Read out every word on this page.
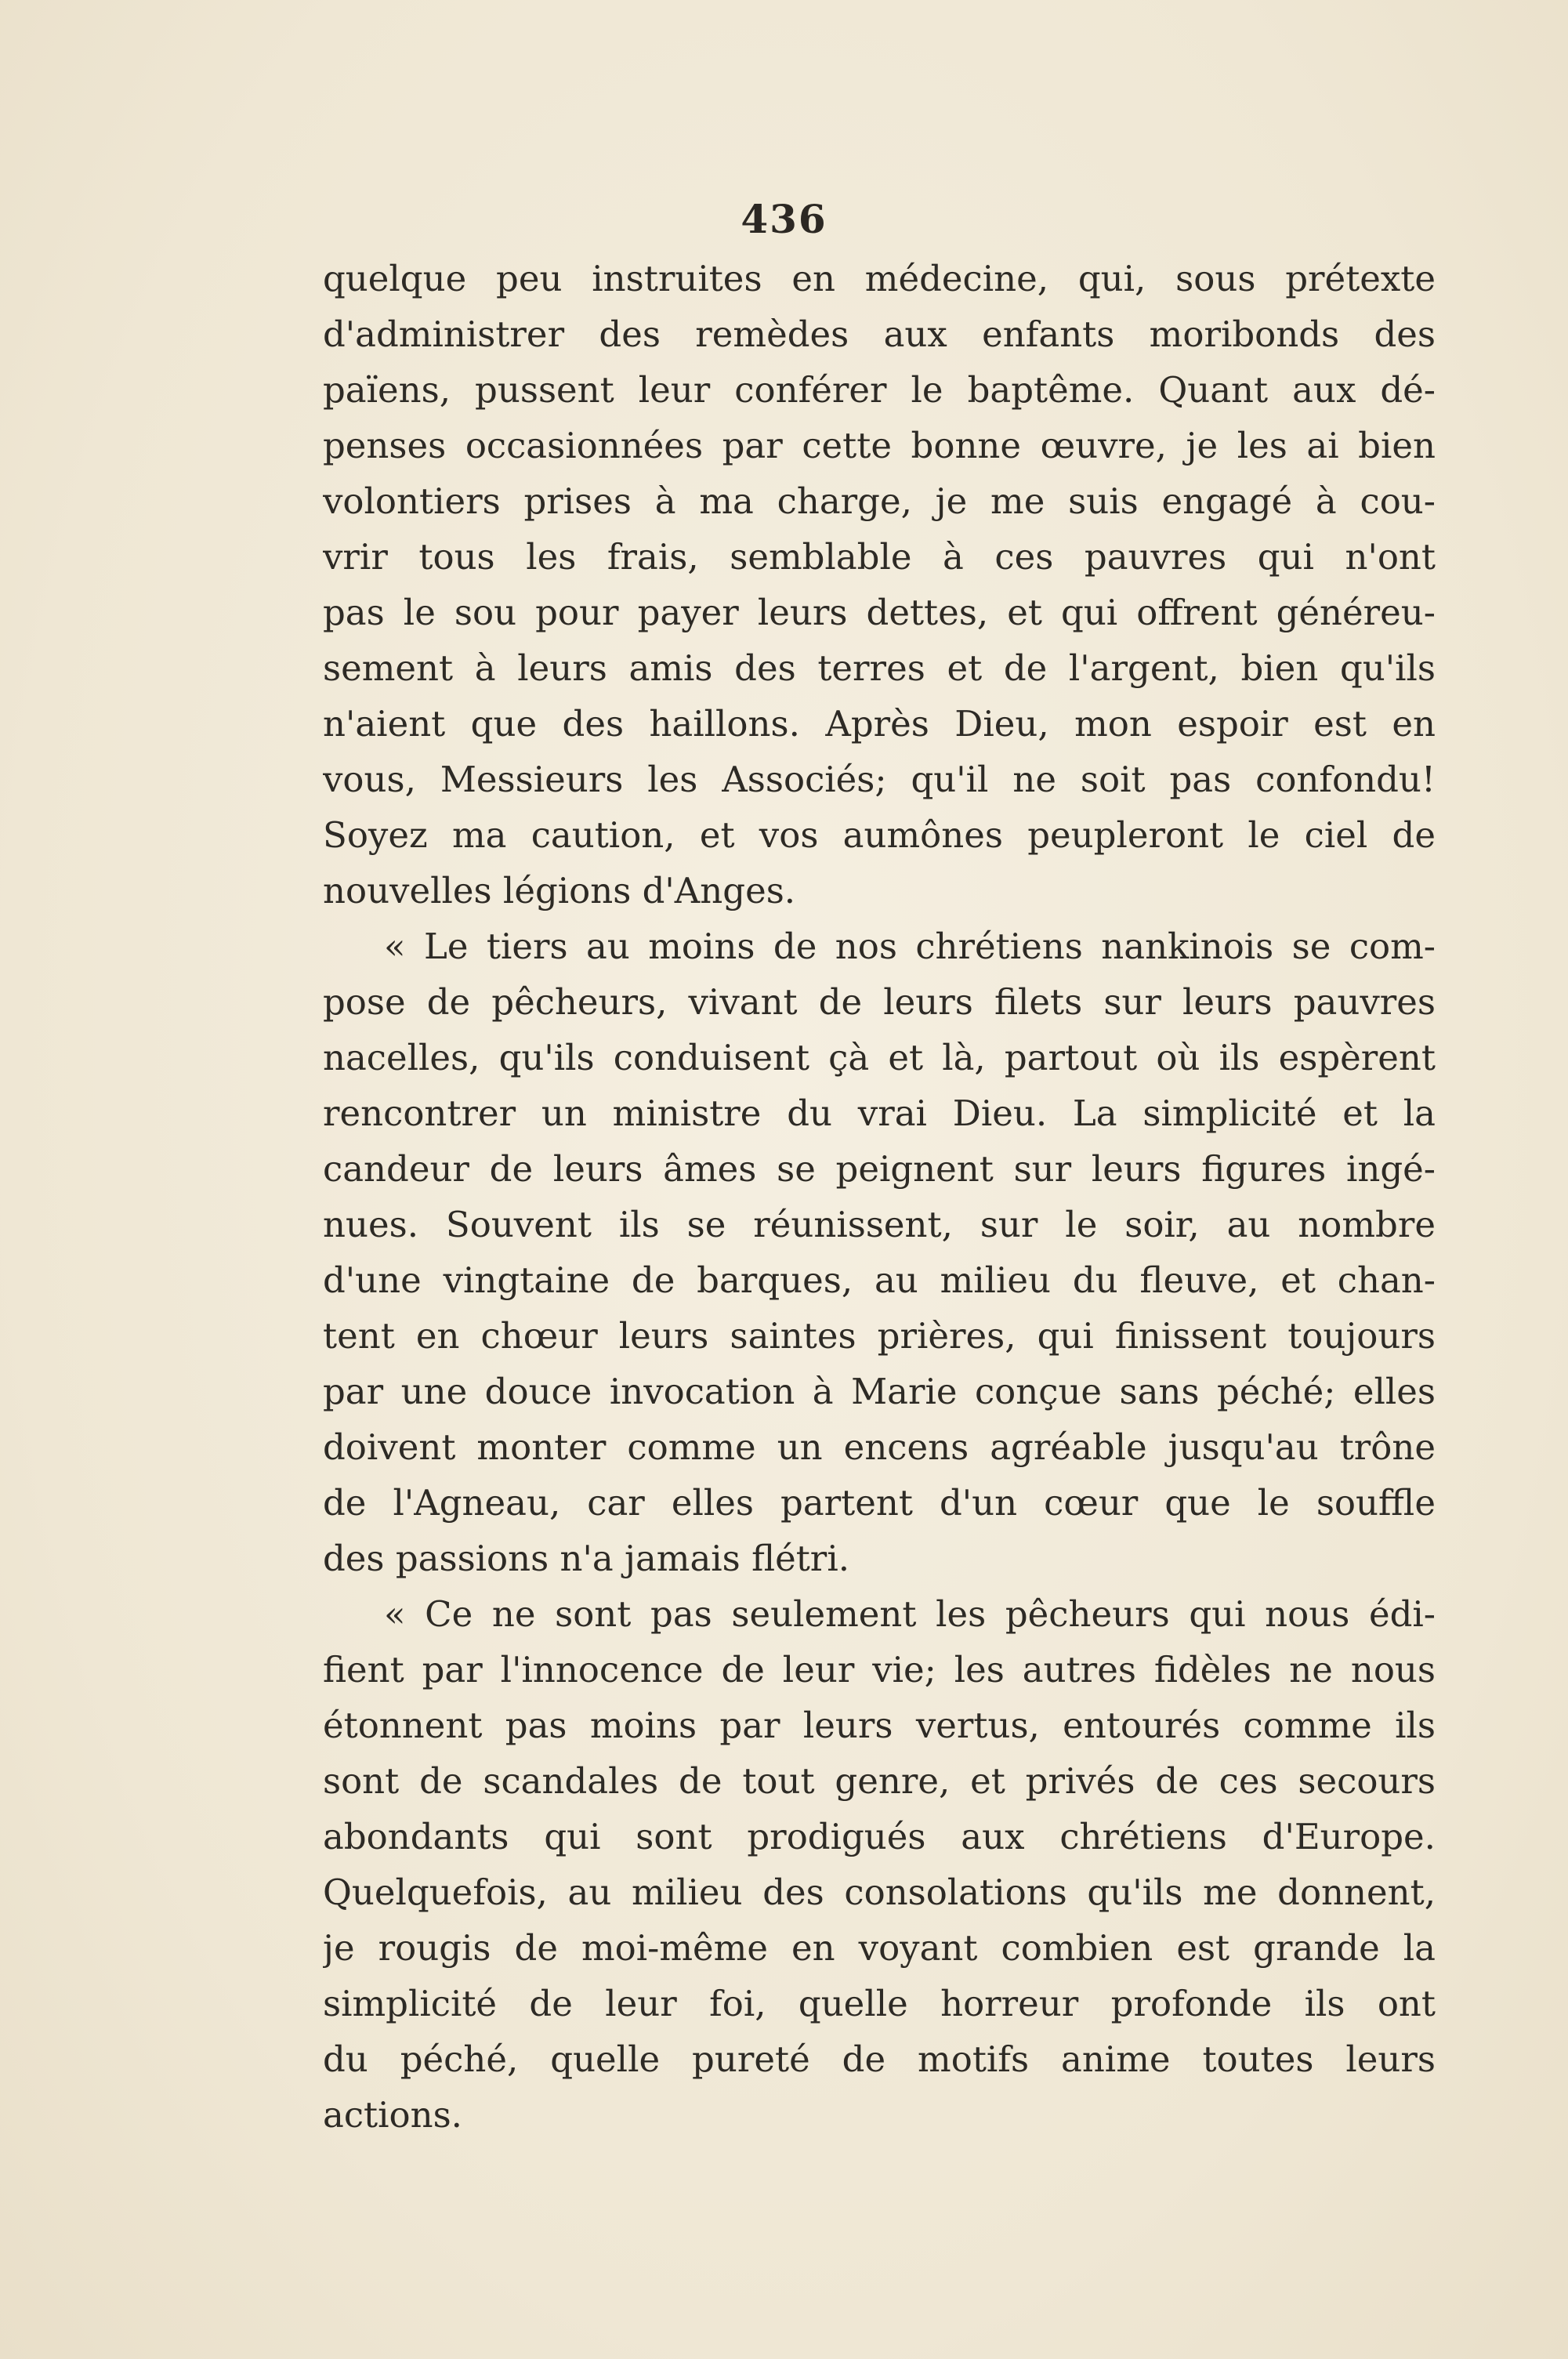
436
quelque peu instruites en médecine, qui, sous prétexte
d'administrer des remèdes aux enfants moribonds des
païens, pussent leur conférer le baptême. Quant aux dé-
penses occasionnées par cette bonne œuvre, je les ai bien
volontiers prises à ma charge, je me suis engagé à cou-
vrir tous les frais, semblable à ces pauvres qui n'ont
pas le sou pour payer leurs dettes, et qui offrent généreu-
sement à leurs amis des terres et de l'argent, bien qu'ils
n'aient que des haillons. Après Dieu, mon espoir est en
vous, Messieurs les Associés; qu'il ne soit pas confondu!
Soyez ma caution, et vos aumônes peupleront le ciel de
nouvelles légions d'Anges.
« Le tiers au moins de nos chrétiens nankinois se com-
pose de pêcheurs, vivant de leurs filets sur leurs pauvres
nacelles, qu'ils conduisent çà et là, partout où ils espèrent
rencontrer un ministre du vrai Dieu. La simplicité et la
candeur de leurs âmes se peignent sur leurs figures ingé-
nues. Souvent ils se réunissent, sur le soir, au nombre
d'une vingtaine de barques, au milieu du fleuve, et chan-
tent en chœur leurs saintes prières, qui finissent toujours
par une douce invocation à Marie conçue sans péché; elles
doivent monter comme un encens agréable jusqu'au trône
de l'Agneau, car elles partent d'un cœur que le souffle
des passions n'a jamais flétri.
« Ce ne sont pas seulement les pêcheurs qui nous édi-
fient par l'innocence de leur vie; les autres fidèles ne nous
étonnent pas moins par leurs vertus, entourés comme ils
sont de scandales de tout genre, et privés de ces secours
abondants qui sont prodigués aux chrétiens d'Europe.
Quelquefois, au milieu des consolations qu'ils me donnent,
je rougis de moi-même en voyant combien est grande la
simplicité de leur foi, quelle horreur profonde ils ont
du péché, quelle pureté de motifs anime toutes leurs
actions.
